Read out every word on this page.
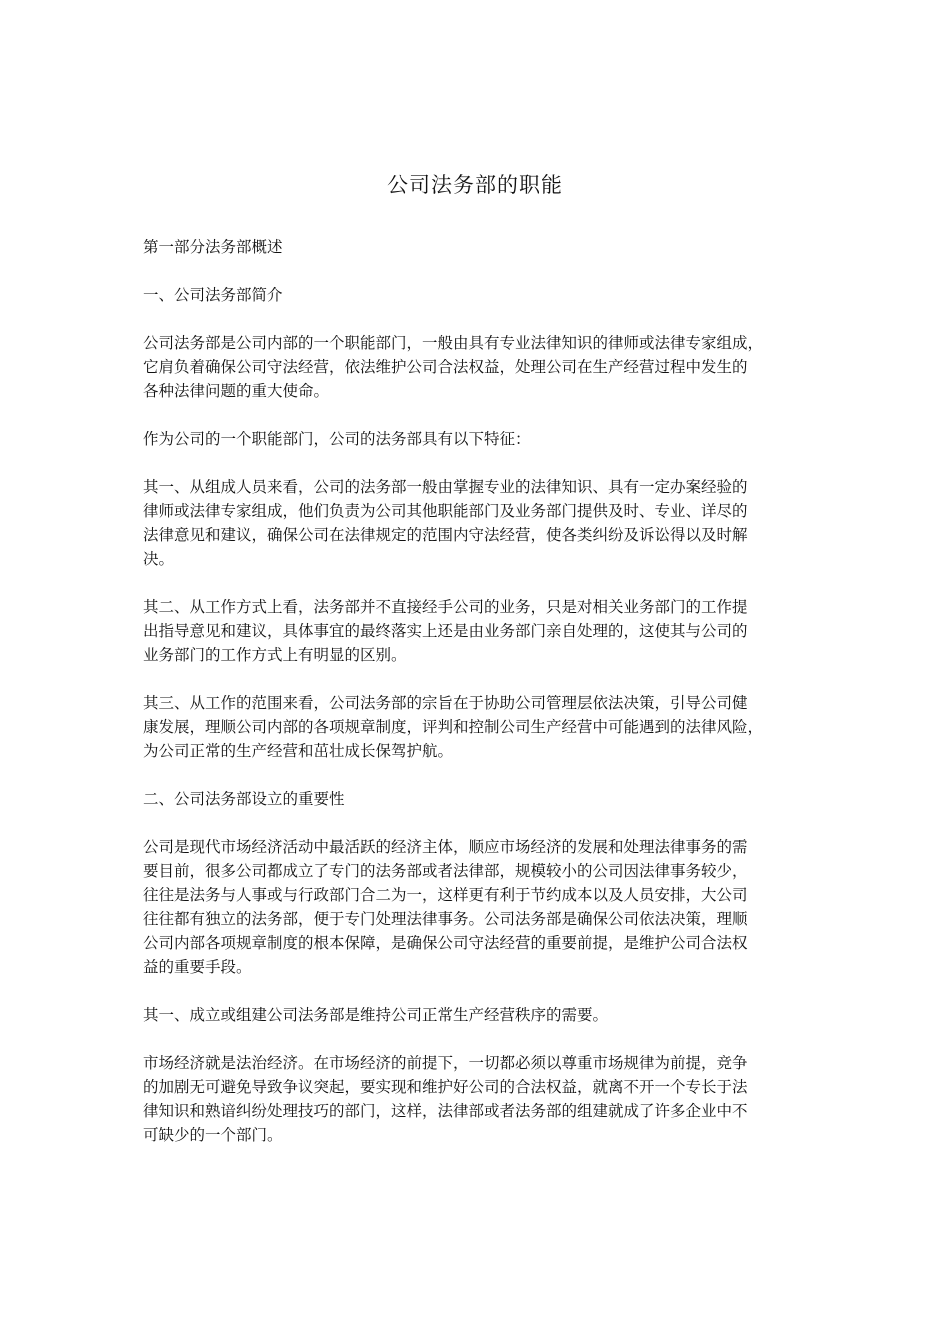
公司法务部的职能

第一部分法务部概述

一、公司法务部简介

公司法务部是公司内部的一个职能部门，一般由具有专业法律知识的律师或法律专家组成，
它肩负着确保公司守法经营，依法维护公司合法权益，处理公司在生产经营过程中发生的
各种法律问题的重大使命。

作为公司的一个职能部门，公司的法务部具有以下特征：

其一、从组成人员来看，公司的法务部一般由掌握专业的法律知识、具有一定办案经验的
律师或法律专家组成，他们负责为公司其他职能部门及业务部门提供及时、专业、详尽的
法律意见和建议，确保公司在法律规定的范围内守法经营，使各类纠纷及诉讼得以及时解
决。

其二、从工作方式上看，法务部并不直接经手公司的业务，只是对相关业务部门的工作提
出指导意见和建议，具体事宜的最终落实上还是由业务部门亲自处理的，这使其与公司的
业务部门的工作方式上有明显的区别。

其三、从工作的范围来看，公司法务部的宗旨在于协助公司管理层依法决策，引导公司健
康发展，理顺公司内部的各项规章制度，评判和控制公司生产经营中可能遇到的法律风险，
为公司正常的生产经营和茁壮成长保驾护航。

二、公司法务部设立的重要性

公司是现代市场经济活动中最活跃的经济主体，顺应市场经济的发展和处理法律事务的需
要目前，很多公司都成立了专门的法务部或者法律部，规模较小的公司因法律事务较少，
往往是法务与人事或与行政部门合二为一，这样更有利于节约成本以及人员安排，大公司
往往都有独立的法务部，便于专门处理法律事务。公司法务部是确保公司依法决策，理顺
公司内部各项规章制度的根本保障，是确保公司守法经营的重要前提，是维护公司合法权
益的重要手段。

其一、成立或组建公司法务部是维持公司正常生产经营秩序的需要。

市场经济就是法治经济。在市场经济的前提下，一切都必须以尊重市场规律为前提，竞争
的加剧无可避免导致争议突起，要实现和维护好公司的合法权益，就离不开一个专长于法
律知识和熟谙纠纷处理技巧的部门，这样，法律部或者法务部的组建就成了许多企业中不
可缺少的一个部门。
